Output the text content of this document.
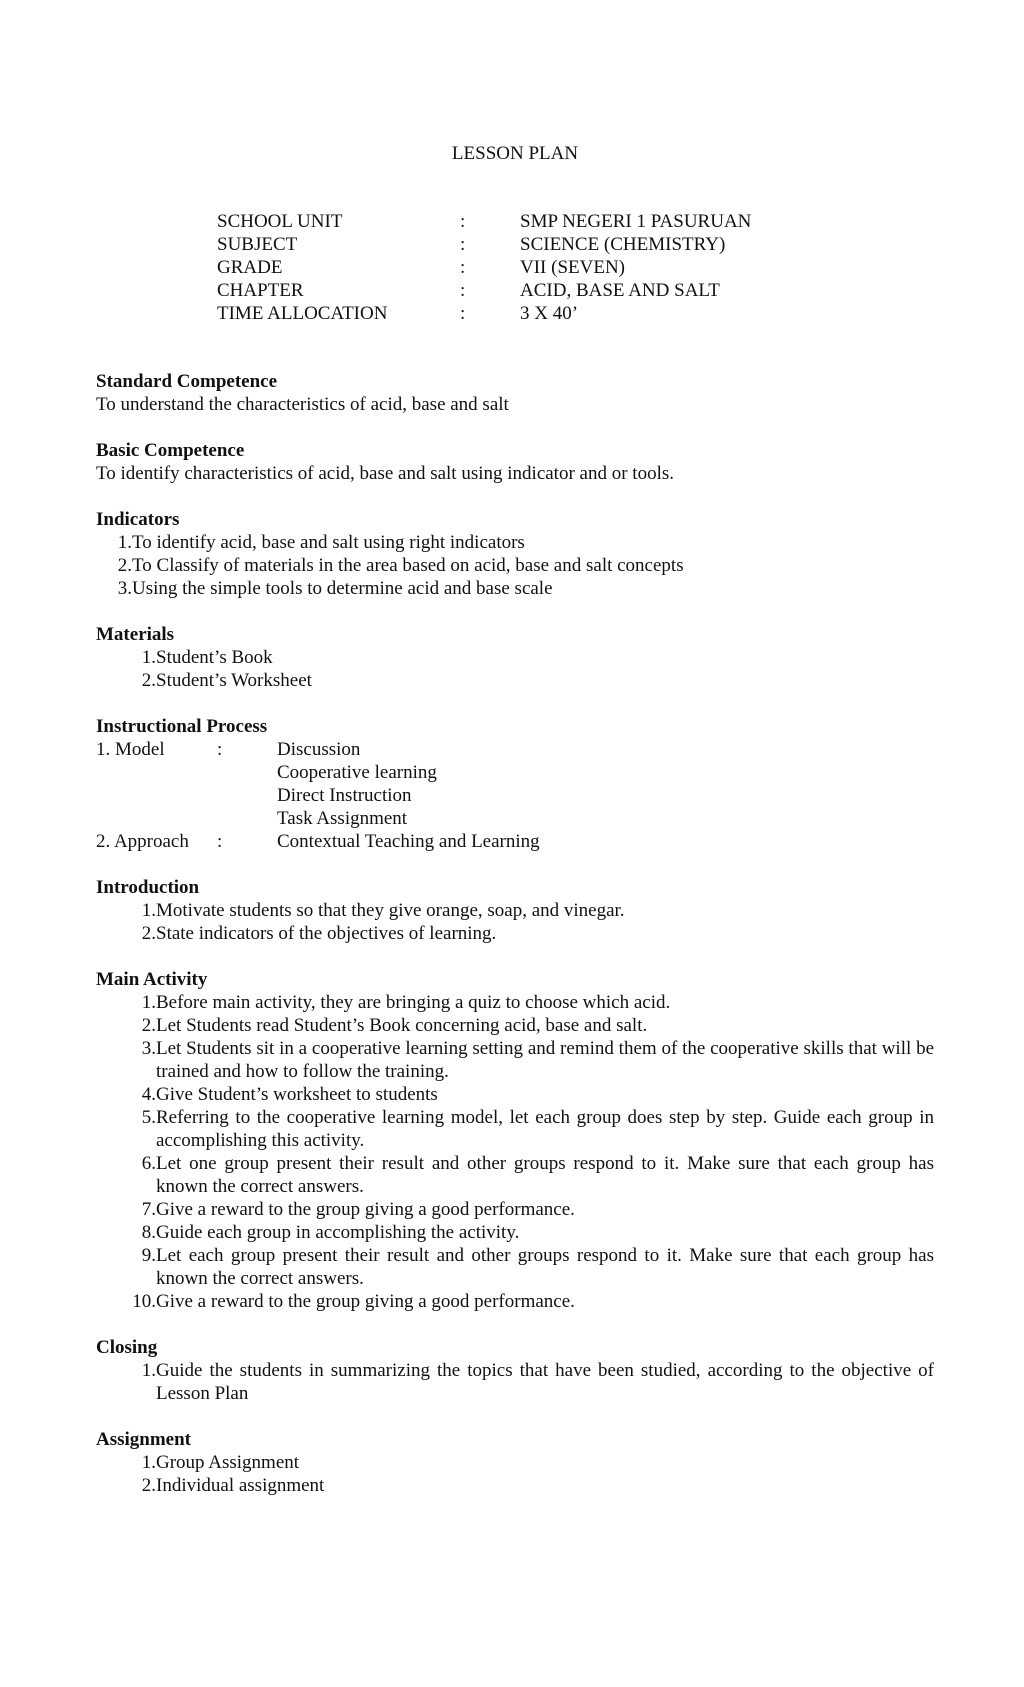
LESSON PLAN

SCHOOL UNIT	:	SMP NEGERI 1 PASURUAN
SUBJECT	:	SCIENCE (CHEMISTRY)
GRADE	:	VII (SEVEN)
CHAPTER	:	ACID, BASE AND SALT
TIME ALLOCATION	:	3 X 40’

Standard Competence

To understand the characteristics of acid, base and salt

Basic Competence

To identify characteristics of acid, base and salt using indicator and or tools.

Indicators

1. To identify acid, base and salt using right indicators
2. To Classify of materials in the area based on acid, base and salt concepts
3. Using the simple tools to determine acid and base scale

Materials

1. Student’s Book
2. Student’s Worksheet

Instructional Process

1. Model	:	Discussion
Cooperative learning
Direct Instruction
Task Assignment
2. Approach	:	Contextual Teaching and Learning

Introduction

1. Motivate students so that they give orange, soap, and vinegar.
2. State indicators of the objectives of learning.

Main Activity

1. Before main activity, they are bringing a quiz to choose which acid.
2. Let Students read Student’s Book concerning acid, base and salt.
3. Let Students sit in a cooperative learning setting and remind them of the cooperative skills that will be trained and how to follow the training.
4. Give Student’s worksheet to students
5. Referring to the cooperative learning model, let each group does step by step. Guide each group in accomplishing this activity.
6. Let one group present their result and other groups respond to it. Make sure that each group has known the correct answers.
7. Give a reward to the group giving a good performance.
8. Guide each group in accomplishing the activity.
9. Let each group present their result and other groups respond to it. Make sure that each group has known the correct answers.
10. Give a reward to the group giving a good performance.

Closing

1. Guide the students in summarizing the topics that have been studied, according to the objective of Lesson Plan

Assignment

1. Group Assignment
2. Individual assignment
